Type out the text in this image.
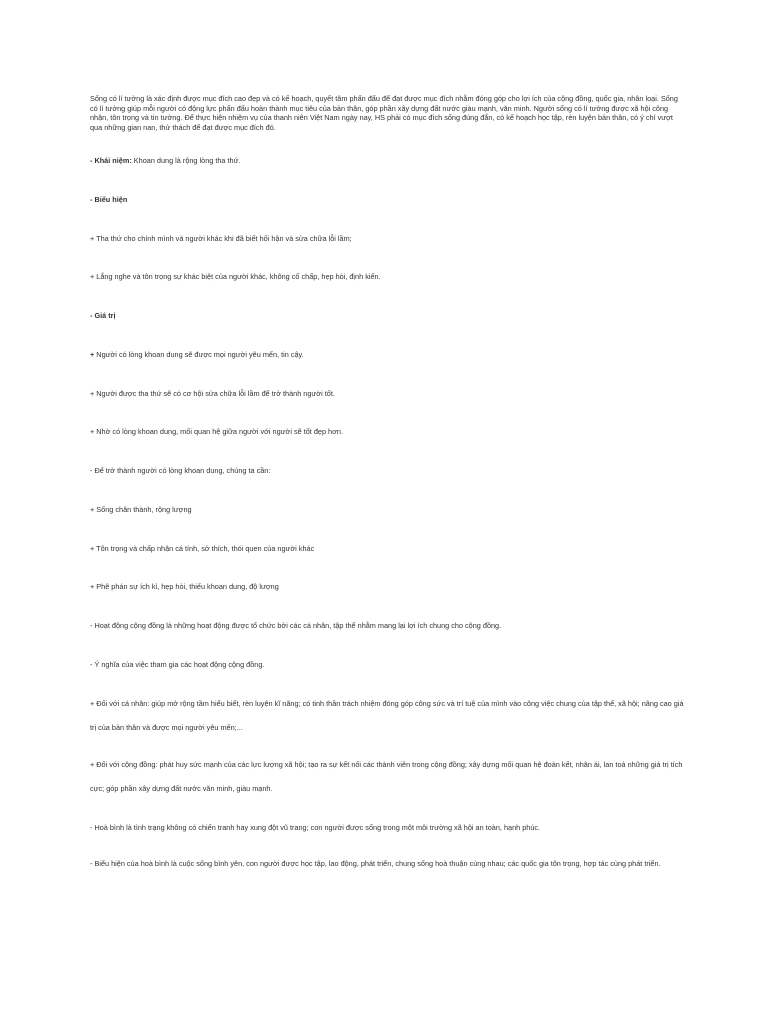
Sống có lí tưởng là xác định được mục đích cao đẹp và có kế hoạch, quyết tâm phấn đấu để đạt được mục đích nhằm đóng góp cho lợi ích của cộng đồng, quốc gia, nhân loại. Sống có lí tưởng giúp mỗi người có động lực phấn đấu hoàn thành mục tiêu của bản thân, góp phần xây dựng đất nước giàu mạnh, văn minh. Người sống có lí tưởng được xã hội công nhận, tôn trọng và tin tưởng. Để thực hiện nhiệm vụ của thanh niên Việt Nam ngày nay, HS phải có mục đích sống đúng đắn, có kế hoạch học tập, rèn luyện bản thân, có ý chí vượt qua những gian nan, thử thách để đạt được mục đích đó.

- Khái niệm: Khoan dung là rộng lòng tha thứ.

- Biểu hiện

+ Tha thứ cho chính mình và người khác khi đã biết hối hận và sửa chữa lỗi lầm;

+ Lắng nghe và tôn trọng sự khác biệt của người khác, không cố chấp, hẹp hòi, định kiến.

- Giá trị

+ Người có lòng khoan dung sẽ được mọi người yêu mến, tin cậy.

+ Người được tha thứ sẽ có cơ hội sửa chữa lỗi lầm để trở thành người tốt.

+ Nhờ có lòng khoan dung, mối quan hệ giữa người với người sẽ tốt đẹp hơn.

- Để trở thành người có lòng khoan dung, chúng ta cần:

+ Sống chân thành, rộng lượng

+ Tôn trọng và chấp nhận cá tính, sở thích, thói quen của người khác

+ Phê phán sự ích kỉ, hẹp hòi, thiếu khoan dung, độ lượng

- Hoạt động cộng đồng là những hoạt động được tổ chức bởi các cá nhân, tập thể nhằm mang lại lợi ích chung cho cộng đồng.

- Ý nghĩa của việc tham gia các hoạt động cộng đồng.

+ Đối với cá nhân: giúp mở rộng tầm hiểu biết, rèn luyện kĩ năng; có tinh thần trách nhiệm đóng góp công sức và trí tuệ của mình vào công việc chung của tập thể, xã hội; nâng cao giá trị của bản thân và được mọi người yêu mến;...

+ Đối với cộng đồng: phát huy sức mạnh của các lực lượng xã hội; tạo ra sự kết nối các thành viên trong cộng đồng; xây dựng mối quan hệ đoàn kết, nhân ái, lan toả những giá trị tích cực; góp phần xây dựng đất nước văn minh, giàu mạnh.

- Hoà bình là tình trạng không có chiến tranh hay xung đột vũ trang; con người được sống trong một môi trường xã hội an toàn, hạnh phúc.

- Biểu hiện của hoà bình là cuộc sống bình yên, con người được học tập, lao động, phát triển, chung sống hoà thuận cùng nhau; các quốc gia tôn trọng, hợp tác cùng phát triển.
